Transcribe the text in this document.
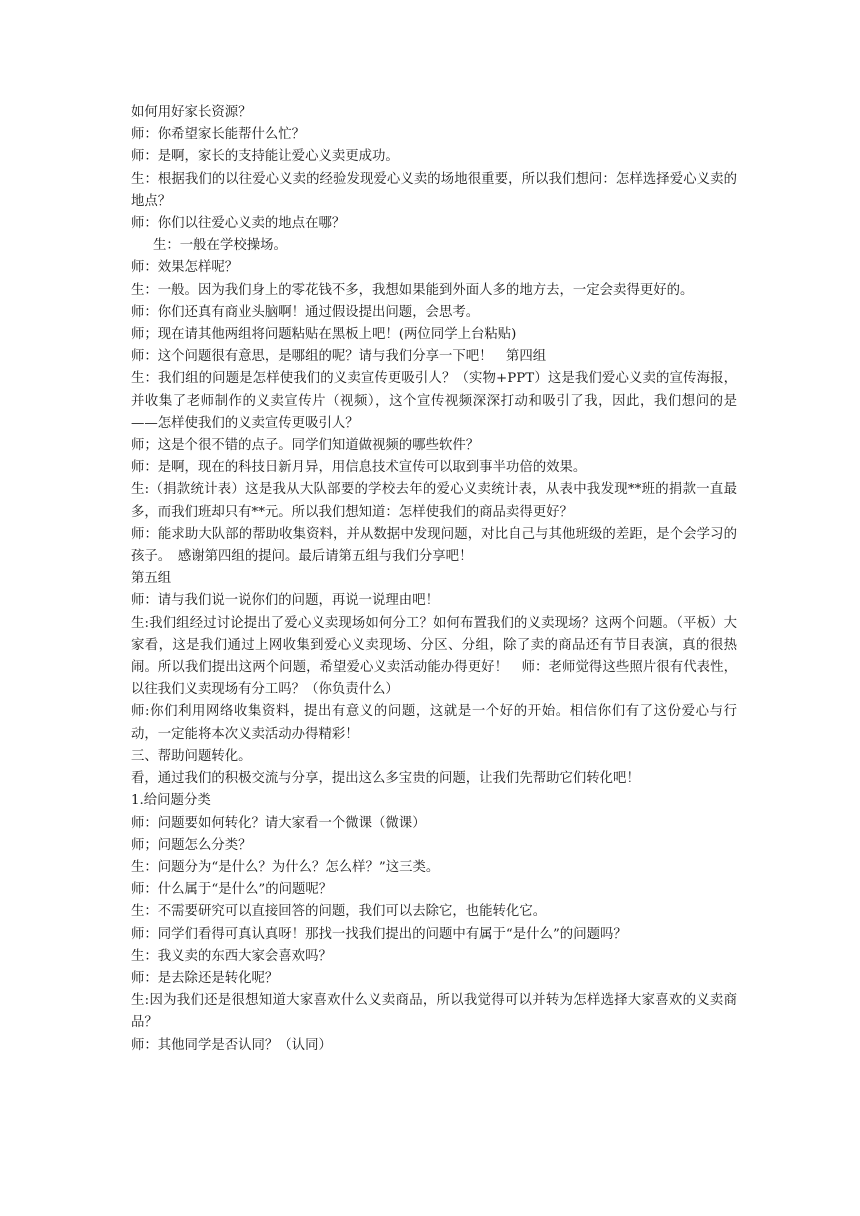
如何用好家长资源？

师：你希望家长能帮什么忙？

师：是啊，家长的支持能让爱心义卖更成功。

生：根据我们的以往爱心义卖的经验发现爱心义卖的场地很重要，所以我们想问：怎样选择爱心义卖的地点？

师：你们以往爱心义卖的地点在哪？

生：一般在学校操场。

师：效果怎样呢？

生：一般。因为我们身上的零花钱不多，我想如果能到外面人多的地方去，一定会卖得更好的。

师：你们还真有商业头脑啊！通过假设提出问题，会思考。

师；现在请其他两组将问题粘贴在黑板上吧！(两位同学上台粘贴)

师：这个问题很有意思，是哪组的呢？请与我们分享一下吧！　第四组

生：我们组的问题是怎样使我们的义卖宣传更吸引人？（实物+PPT）这是我们爱心义卖的宣传海报，并收集了老师制作的义卖宣传片（视频），这个宣传视频深深打动和吸引了我，因此，我们想问的是——怎样使我们的义卖宣传更吸引人？

师；这是个很不错的点子。同学们知道做视频的哪些软件？

师：是啊，现在的科技日新月异，用信息技术宣传可以取到事半功倍的效果。

生:（捐款统计表）这是我从大队部要的学校去年的爱心义卖统计表，从表中我发现**班的捐款一直最多，而我们班却只有**元。所以我们想知道：怎样使我们的商品卖得更好？

师：能求助大队部的帮助收集资料，并从数据中发现问题，对比自己与其他班级的差距，是个会学习的孩子。　感谢第四组的提问。最后请第五组与我们分享吧！

第五组

师：请与我们说一说你们的问题，再说一说理由吧！

生:我们组经过讨论提出了爱心义卖现场如何分工？如何布置我们的义卖现场？这两个问题。（平板）大家看，这是我们通过上网收集到爱心义卖现场、分区、分组，除了卖的商品还有节目表演，真的很热闹。所以我们提出这两个问题，希望爱心义卖活动能办得更好！　师：老师觉得这些照片很有代表性，以往我们义卖现场有分工吗？（你负责什么）

师:你们利用网络收集资料，提出有意义的问题，这就是一个好的开始。相信你们有了这份爱心与行动，一定能将本次义卖活动办得精彩！

三、帮助问题转化。

看，通过我们的积极交流与分享，提出这么多宝贵的问题，让我们先帮助它们转化吧！

1.给问题分类

师：问题要如何转化？请大家看一个微课（微课）

师；问题怎么分类？

生：问题分为“是什么？为什么？怎么样？”这三类。

师：什么属于“是什么”的问题呢？

生：不需要研究可以直接回答的问题，我们可以去除它，也能转化它。

师：同学们看得可真认真呀！那找一找我们提出的问题中有属于“是什么”的问题吗？

生：我义卖的东西大家会喜欢吗？

师：是去除还是转化呢？

生:因为我们还是很想知道大家喜欢什么义卖商品，所以我觉得可以并转为怎样选择大家喜欢的义卖商品？

师：其他同学是否认同？（认同）
